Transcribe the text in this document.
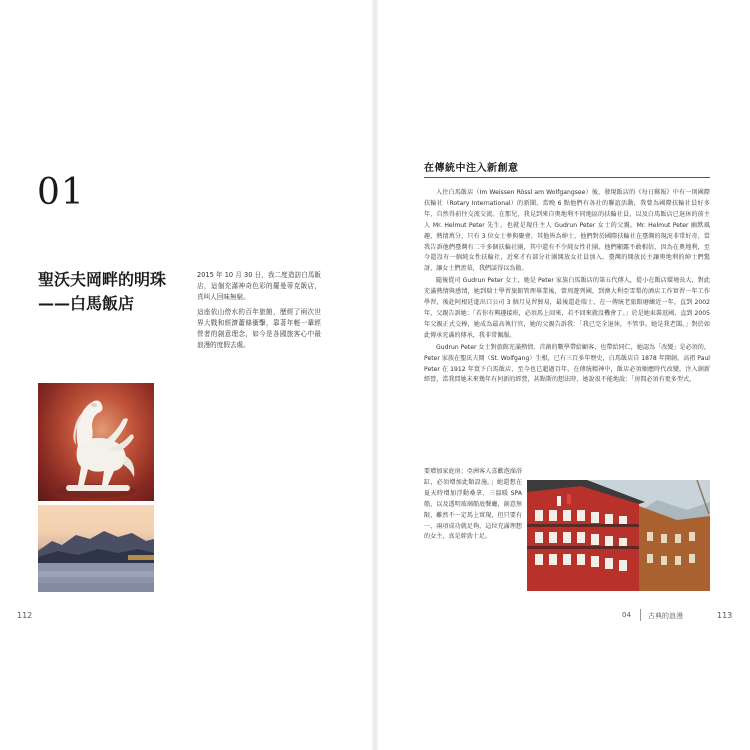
01
聖沃夫岡畔的明珠
——白馬飯店

2015 年 10 月 30 日，我二度造訪白馬飯店，這個充滿神奇色彩的羅曼蒂克飯店，真叫人回味無窮。

這座依山傍水的百年旅館，歷經了兩次世界大戰和經濟蕭條衝擊，靠著年輕一輩經營者的創意理念，如今是各國旅客心中最浪漫的度假去處。

112
在傳統中注入新創意

入住白馬飯店（Im Weissen Rössl am Wolfgangsee）後，發現飯店的《每日郵報》中有一則國際扶輪社（Rotary International）的新聞，當晚 6 點他們有各社的聯誼活動，我曾為國際扶輪社員好多年，自然得前往交流交流。在那兒，我見到來自奧地利不同地區的扶輪社員，以及白馬飯店已退休的前主人 Mr. Helmut Peter 先生，也就是現任主人 Gudrun Peter 女士的父親。Mr. Helmut Peter 幽默風趣、熱情萬分，只有 3 位女士參與聚會，其他皆為紳士，他們對於國際扶輪社在臺灣的現況非常好奇，當我告訴他們臺灣有二千多個扶輪社團，其中還有不少純女性社團，他們顯露不敢相信，因為在奧地利，至今還沒有一個純女性扶輪社，近來才有部分社團開放女社員加入。臺灣的開放民主讓奧地利的紳士們驚訝，讓女士們羨慕，我們談得以為傲。

隨後從司 Gudrun Peter 女士，她是 Peter 家族白馬飯店的第五代傳人，從小在飯店環境長大，對此充滿熱情與感情，她到瑞士學習旅館管理畢業後，曾周遊列國，到澳大利亞雪梨的酒店工作實習一年工作學習，後赴阿根廷進出口公司 3 個月見習貿易，最後還赴瑞士，在一傳統老旅館磨練近一年，直到 2002 年，父親告訴她：「若你有興趣接班，必須馬上回來，若不回來就沒機會了。」於是她束裝返國，直到 2005 年父親正式交棒，她成為最高執行官，她的父親告訴我：「我已完全退休，不管事。她是我老闆。」對於如此傳承充滿的傳承，我非常佩服。

Gudrun Peter 女士對旅館充滿熱情，首創的數學帶給顧客，也帶給同仁，她認為「改變」是必須的，Peter 家族在聖沃夫岡（St. Wolfgang）生根，已有三百多年歷史，白馬飯店自 1878 年開創，高祖 Paul Peter 在 1912 年買下白馬飯店，至今也已超過百年，在傳統精神中，飯店必須順應時代改變，注入創新經營，當我問她未來幾年有何新的經營，甚點斯的想法時，她說很不能地說：「房間必須有更多型式，

要增加家庭房；亞洲客人喜歡泡澡浴缸，必須增加此類設施。」她還想在夏天時增加浮動桑拿、三溫暖 SPA 船，以及透明玻璃船底餐廳，創意無限，雖然不一定馬上實現，但只要有一、兩項成功就足夠，這位充滿理想的女主，真是幹勁十足。

04 古典的浪漫	113
